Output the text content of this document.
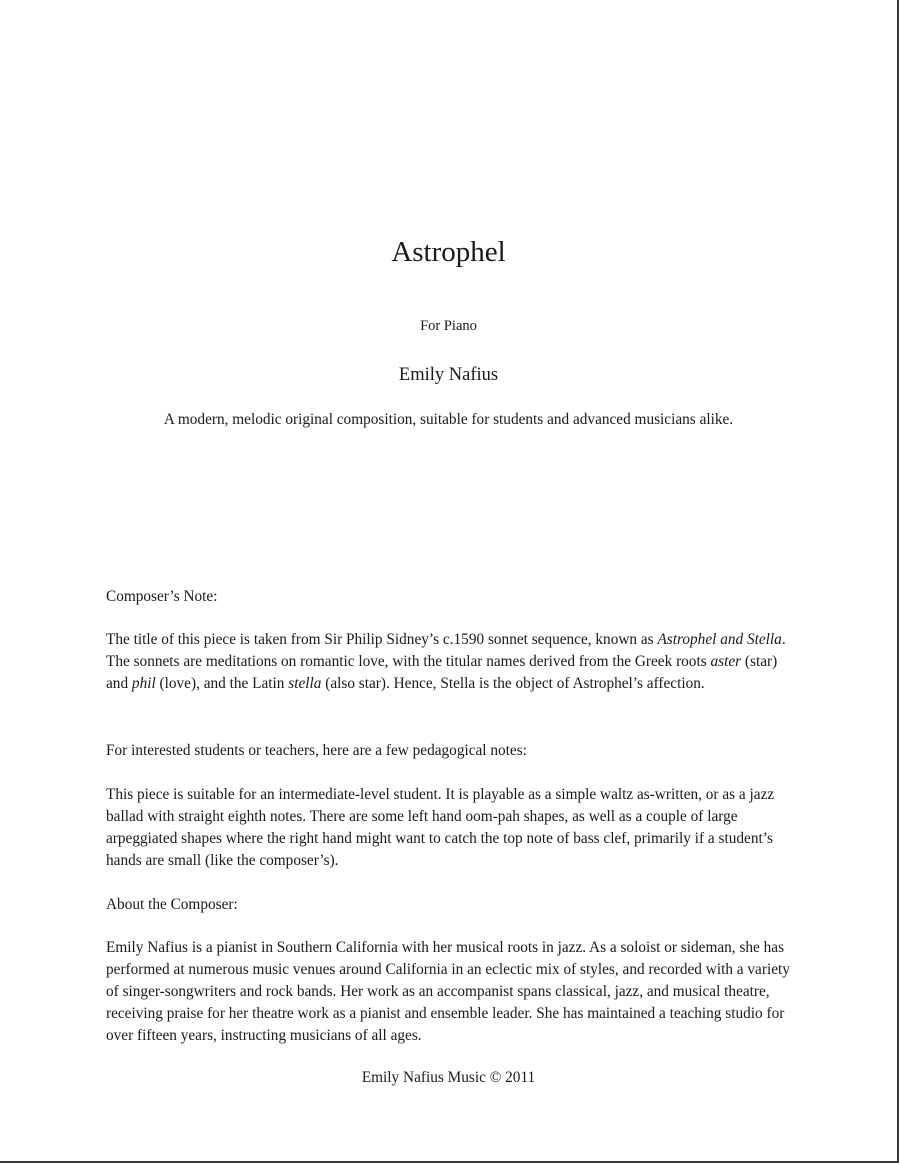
Astrophel
For Piano
Emily Nafius
A modern, melodic original composition, suitable for students and advanced musicians alike.

Composer’s Note:

The title of this piece is taken from Sir Philip Sidney’s c.1590 sonnet sequence, known as Astrophel and Stella. The sonnets are meditations on romantic love, with the titular names derived from the Greek roots aster (star) and phil (love), and the Latin stella (also star). Hence, Stella is the object of Astrophel’s affection.

For interested students or teachers, here are a few pedagogical notes:

This piece is suitable for an intermediate-level student. It is playable as a simple waltz as-written, or as a jazz ballad with straight eighth notes. There are some left hand oom-pah shapes, as well as a couple of large arpeggiated shapes where the right hand might want to catch the top note of bass clef, primarily if a student’s hands are small (like the composer’s).

About the Composer:

Emily Nafius is a pianist in Southern California with her musical roots in jazz. As a soloist or sideman, she has performed at numerous music venues around California in an eclectic mix of styles, and recorded with a variety of singer-songwriters and rock bands. Her work as an accompanist spans classical, jazz, and musical theatre, receiving praise for her theatre work as a pianist and ensemble leader. She has maintained a teaching studio for over fifteen years, instructing musicians of all ages.

Emily Nafius Music © 2011
